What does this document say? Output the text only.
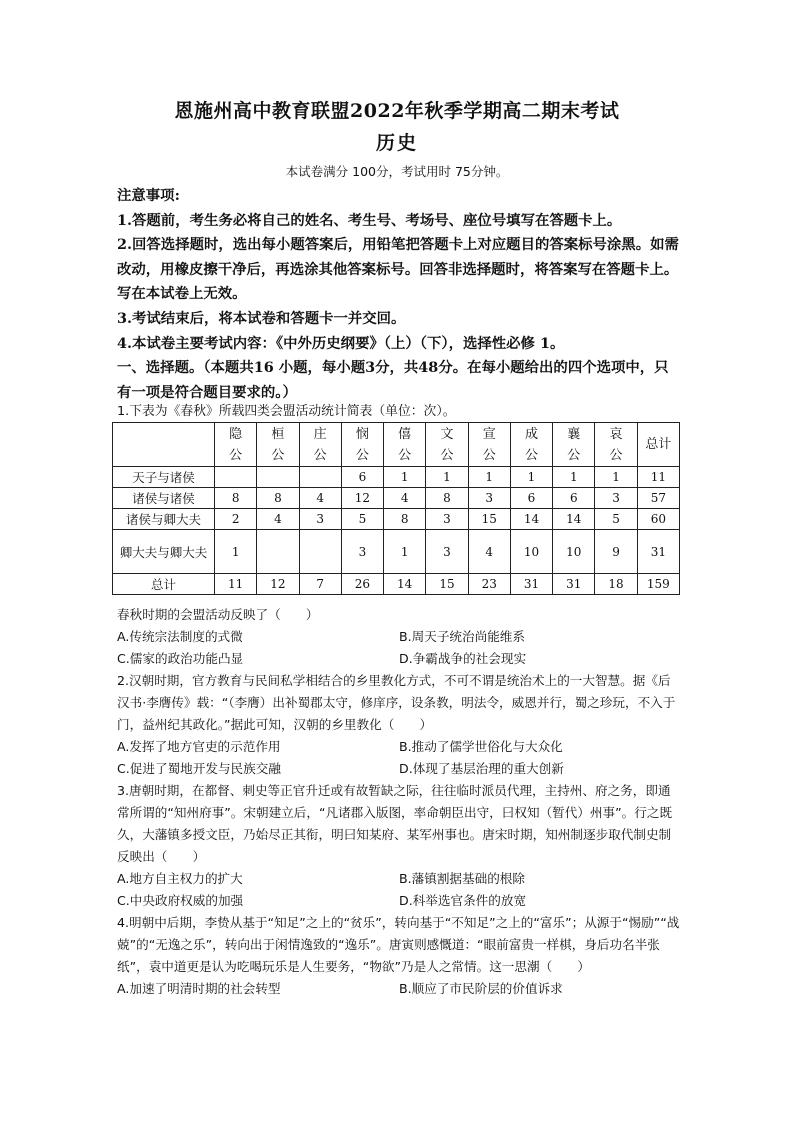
恩施州高中教育联盟2022年秋季学期高二期末考试
历史
本试卷满分 100分，考试用时 75分钟。

注意事项:

1.答题前，考生务必将自己的姓名、考生号、考场号、座位号填写在答题卡上。

2.回答选择题时，选出每小题答案后，用铅笔把答题卡上对应题目的答案标号涂黑。如需改动，用橡皮擦干净后，再选涂其他答案标号。回答非选择题时，将答案写在答题卡上。写在本试卷上无效。

3.考试结束后，将本试卷和答题卡一并交回。

4.本试卷主要考试内容：《中外历史纲要》（上）（下），选择性必修 1。

一、选择题。（本题共16 小题，每小题3分，共48分。在每小题给出的四个选项中，只有一项是符合题目要求的。）

1.下表为《春秋》所载四类会盟活动统计简表（单位：次）。
	隐公	桓公	庄公	悯公	僖公	文公	宣公	成公	襄公	哀公	总计
天子与诸侯				6	1	1	1	1	1	1	11
诸侯与诸侯	8	8	4	12	4	8	3	6	6	3	57
诸侯与卿大夫	2	4	3	5	8	3	15	14	14	5	60
卿大夫与卿大夫	1			3	1	3	4	10	10	9	31
总计	11	12	7	26	14	15	23	31	31	18	159

春秋时期的会盟活动反映了（　　）

A.传统宗法制度的式微	B.周天子统治尚能维系
C.儒家的政治功能凸显	D.争霸战争的社会现实

2.汉朝时期，官方教育与民间私学相结合的乡里教化方式，不可不谓是统治术上的一大智慧。据《后汉书·李膺传》载：“（李膺）出补蜀郡太守，修庠序，设条教，明法令，威恩并行，蜀之珍玩，不入于门，益州纪其政化。”据此可知，汉朝的乡里教化（　　）

A.发挥了地方官吏的示范作用	B.推动了儒学世俗化与大众化
C.促进了蜀地开发与民族交融	D.体现了基层治理的重大创新

3.唐朝时期，在都督、刺史等正官升迁或有故暂缺之际，往往临时派员代理，主持州、府之务，即通常所谓的“知州府事”。宋朝建立后，“凡诸郡入版图，率命朝臣出守，曰权知（暂代）州事”。行之既久，大藩镇多授文臣，乃始尽正其衔，明曰知某府、某军州事也。唐宋时期，知州制逐步取代制史制反映出（　　）

A.地方自主权力的扩大	B.藩镇割据基础的根除
C.中央政府权威的加强	D.科举选官条件的放宽

4.明朝中后期，李贽从基于“知足”之上的“贫乐”，转向基于“不知足”之上的“富乐”；从源于“惕励”“战兢”的“无逸之乐”，转向出于闲情逸致的“逸乐”。唐寅则感慨道：“眼前富贵一样棋，身后功名半张纸”，袁中道更是认为吃喝玩乐是人生要务，“物欲”乃是人之常情。这一思潮（　　）

A.加速了明清时期的社会转型	B.顺应了市民阶层的价值诉求
